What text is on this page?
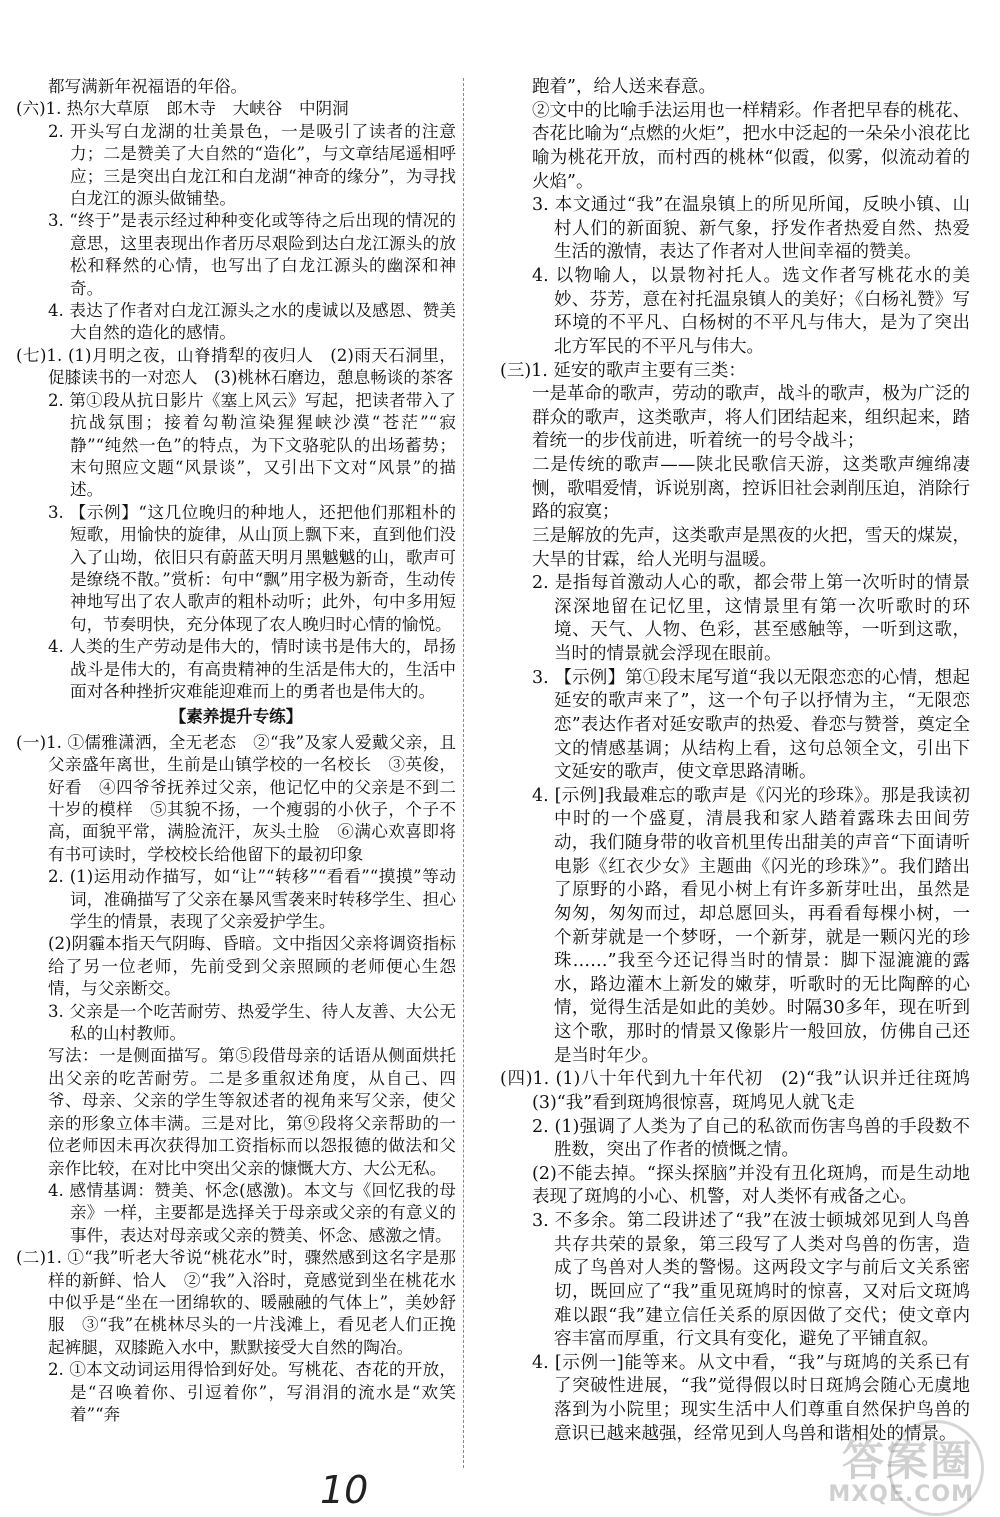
都写满新年祝福语的年俗。

(六)1. 热尔大草原　郎木寺　大峡谷　中阴洞

2. 开头写白龙湖的壮美景色，一是吸引了读者的注意力；二是赞美了大自然的“造化”，与文章结尾遥相呼应；三是突出白龙江和白龙湖“神奇的缘分”，为寻找白龙江的源头做铺垫。

3. “终于”是表示经过种种变化或等待之后出现的情况的意思，这里表现出作者历尽艰险到达白龙江源头的放松和释然的心情，也写出了白龙江源头的幽深和神奇。

4. 表达了作者对白龙江源头之水的虔诚以及感恩、赞美大自然的造化的感情。

(七)1. (1)月明之夜，山脊揹犁的夜归人　(2)雨天石洞里，促膝读书的一对恋人　(3)桃林石磨边，憩息畅谈的茶客

2. 第①段从抗日影片《塞上风云》写起，把读者带入了抗战氛围；接着勾勒渲染猩猩峡沙漠“苍茫”“寂静”“纯然一色”的特点，为下文骆驼队的出场蓄势；末句照应文题“风景谈”，又引出下文对“风景”的描述。

3. 【示例】“这几位晚归的种地人，还把他们那粗朴的短歌，用愉快的旋律，从山顶上飘下来，直到他们没入了山坳，依旧只有蔚蓝天明月黑魆魆的山，歌声可是缭绕不散。”赏析：句中“飘”用字极为新奇，生动传神地写出了农人歌声的粗朴动听；此外，句中多用短句，节奏明快，充分体现了农人晚归时心情的愉悦。

4. 人类的生产劳动是伟大的，情时读书是伟大的，昂扬战斗是伟大的，有高贵精神的生活是伟大的，生活中面对各种挫折灾难能迎难而上的勇者也是伟大的。

【素养提升专练】

(一)1. ①儒雅潇洒，全无老态　②“我”及家人爱戴父亲，且父亲盛年离世，生前是山镇学校的一名校长　③英俊，好看　④四爷爷抚养过父亲，他记忆中的父亲是不到二十岁的模样　⑤其貌不扬，一个瘦弱的小伙子，个子不高，面貌平常，满脸流汗，灰头土脸　⑥满心欢喜即将有书可读时，学校校长给他留下的最初印象

2. (1)运用动作描写，如“让”“转移”“看看”“摸摸”等动词，准确描写了父亲在暴风雪袭来时转移学生、担心学生的情景，表现了父亲爱护学生。

(2)阴霾本指天气阴晦、昏暗。文中指因父亲将调资指标给了另一位老师，先前受到父亲照顾的老师便心生怨情，与父亲断交。

3. 父亲是一个吃苦耐劳、热爱学生、待人友善、大公无私的山村教师。

写法：一是侧面描写。第⑤段借母亲的话语从侧面烘托出父亲的吃苦耐劳。二是多重叙述角度，从自己、四爷、母亲、父亲的学生等叙述者的视角来写父亲，使父亲的形象立体丰满。三是对比，第⑨段将父亲帮助的一位老师因未再次获得加工资指标而以怨报德的做法和父亲作比较，在对比中突出父亲的慷慨大方、大公无私。

4. 感情基调：赞美、怀念(感激)。本文与《回忆我的母亲》一样，主要都是选择关于母亲或父亲的有意义的事件，表达对母亲或父亲的赞美、怀念、感激之情。

(二)1. ①“我”听老大爷说“桃花水”时，骤然感到这名字是那样的新鲜、恰人　②“我”入浴时，竟感觉到坐在桃花水中似乎是“坐在一团绵软的、暖融融的气体上”，美妙舒服　③“我”在桃林尽头的一片浅滩上，看见老人们正挽起裤腿，双膝跪入水中，默默接受大自然的陶冶。

2. ①本文动词运用得恰到好处。写桃花、杏花的开放，是“召唤着你、引逗着你”，写涓涓的流水是“欢笑着”“奔

跑着”，给人送来春意。

②文中的比喻手法运用也一样精彩。作者把早春的桃花、杏花比喻为“点燃的火炬”，把水中泛起的一朵朵小浪花比喻为桃花开放，而村西的桃林“似霞，似雾，似流动着的火焰”。

3. 本文通过“我”在温泉镇上的所见所闻，反映小镇、山村人们的新面貌、新气象，抒发作者热爱自然、热爱生活的激情，表达了作者对人世间幸福的赞美。

4. 以物喻人，以景物衬托人。选文作者写桃花水的美妙、芬芳，意在衬托温泉镇人的美好；《白杨礼赞》写环境的不平凡、白杨树的不平凡与伟大，是为了突出北方军民的不平凡与伟大。

(三)1. 延安的歌声主要有三类：

一是革命的歌声，劳动的歌声，战斗的歌声，极为广泛的群众的歌声，这类歌声，将人们团结起来，组织起来，踏着统一的步伐前进，听着统一的号令战斗；

二是传统的歌声——陕北民歌信天游，这类歌声缠绵凄恻，歌唱爱情，诉说别离，控诉旧社会剥削压迫，消除行路的寂寞；

三是解放的先声，这类歌声是黑夜的火把，雪天的煤炭，大旱的甘霖，给人光明与温暖。

2. 是指每首激动人心的歌，都会带上第一次听时的情景深深地留在记忆里，这情景里有第一次听歌时的环境、天气、人物、色彩，甚至感触等，一听到这歌，当时的情景就会浮现在眼前。

3. 【示例】第①段末尾写道“我以无限恋恋的心情，想起延安的歌声来了”，这一个句子以抒情为主，“无限恋恋”表达作者对延安歌声的热爱、眷恋与赞誉，奠定全文的情感基调；从结构上看，这句总领全文，引出下文延安的歌声，使文章思路清晰。

4. [示例]我最难忘的歌声是《闪光的珍珠》。那是我读初中时的一个盛夏，清晨我和家人踏着露珠去田间劳动，我们随身带的收音机里传出甜美的声音“下面请听电影《红衣少女》主题曲《闪光的珍珠》”。我们踏出了原野的小路，看见小树上有许多新芽吐出，虽然是匆匆，匆匆而过，却总愿回头，再看看每棵小树，一个新芽就是一个梦呀，一个新芽，就是一颗闪光的珍珠……”我至今还记得当时的情景：脚下湿漉漉的露水，路边灌木上新发的嫩芽，听歌时的无比陶醉的心情，觉得生活是如此的美妙。时隔30多年，现在听到这个歌，那时的情景又像影片一般回放，仿佛自己还是当时年少。

(四)1. (1)八十年代到九十年代初　(2)“我”认识并迁往斑鸠　(3)“我”看到斑鸠很惊喜，斑鸠见人就飞走

2. (1)强调了人类为了自己的私欲而伤害鸟兽的手段数不胜数，突出了作者的愤慨之情。

(2)不能去掉。“探头探脑”并没有丑化斑鸠，而是生动地表现了斑鸠的小心、机警，对人类怀有戒备之心。

3. 不多余。第二段讲述了“我”在波士顿城郊见到人鸟兽共存共荣的景象，第三段写了人类对鸟兽的伤害，造成了鸟兽对人类的警惕。这两段文字与前后文关系密切，既回应了“我”重见斑鸠时的惊喜，又对后文斑鸠难以跟“我”建立信任关系的原因做了交代；使文章内容丰富而厚重，行文具有变化，避免了平铺直叙。

4. [示例一]能等来。从文中看，“我”与斑鸠的关系已有了突破性进展，“我”觉得假以时日斑鸠会随心无虞地落到为小院里；现实生活中人们尊重自然保护鸟兽的意识已越来越强，经常见到人鸟兽和谐相处的情景。

10
答案圈
MXQE.COM
